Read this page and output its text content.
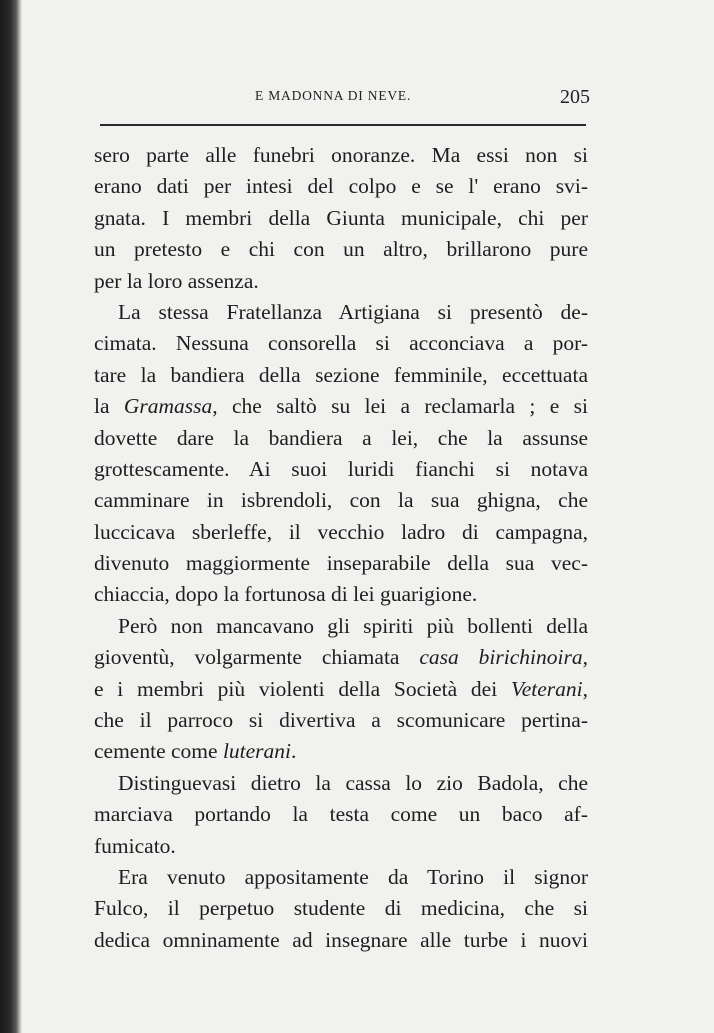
E MADONNA DI NEVE.	205
sero parte alle funebri onoranze. Ma essi non si
erano dati per intesi del colpo e se l' erano svi-
gnata. I membri della Giunta municipale, chi per
un pretesto e chi con un altro, brillarono pure
per la loro assenza.
La stessa Fratellanza Artigiana si presentò de-
cimata. Nessuna consorella si acconciava a por-
tare la bandiera della sezione femminile, eccettuata
la Gramassa, che saltò su lei a reclamarla ; e si
dovette dare la bandiera a lei, che la assunse
grottescamente. Ai suoi luridi fianchi si notava
camminare in isbrendoli, con la sua ghigna, che
luccicava sberleffe, il vecchio ladro di campagna,
divenuto maggiormente inseparabile della sua vec-
chiaccia, dopo la fortunosa di lei guarigione.
Però non mancavano gli spiriti più bollenti della
gioventù, volgarmente chiamata casa birichinoira,
e i membri più violenti della Società dei Veterani,
che il parroco si divertiva a scomunicare pertina-
cemente come luterani.
Distinguevasi dietro la cassa lo zio Badola, che
marciava portando la testa come un baco af-
fumicato.
Era venuto appositamente da Torino il signor
Fulco, il perpetuo studente di medicina, che si
dedica omninamente ad insegnare alle turbe i nuovi
